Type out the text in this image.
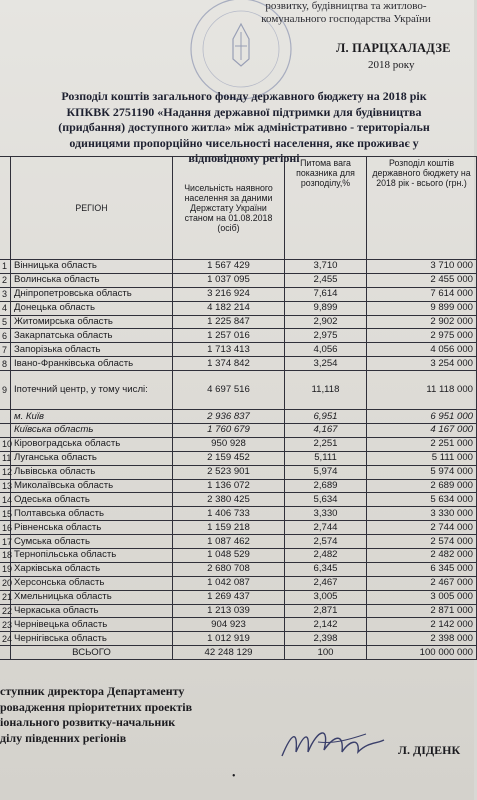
розвитку, будівництва та житлово-
комунального господарства України
Л. ПАРЦХАЛАДЗЕ
2018 року
Розподіл коштів загального фонду державного бюджету на 2018 рік
КПКВК 2751190 «Надання державної підтримки для будівництва
(придбання) доступного житла» між адміністративно - територіальн
одиницями пропорційно чисельності населення, яке проживає у
відповідному регіоні
	РЕГІОН	Чисельність наявного населення за даними Держстату України станом на 01.08.2018 (осіб)	Питома вага показника для розподілу,%	Розподіл коштів державного бюджету на 2018 рік - всього (грн.)
1	Вінницька область	1 567 429	3,710	3 710 000
2	Волинська область	1 037 095	2,455	2 455 000
3	Дніпропетровська область	3 216 924	7,614	7 614 000
4	Донецька область	4 182 214	9,899	9 899 000
5	Житомирська область	1 225 847	2,902	2 902 000
6	Закарпатська область	1 257 016	2,975	2 975 000
7	Запорізька область	1 713 413	4,056	4 056 000
8	Івано-Франківська область	1 374 842	3,254	3 254 000
9	Іпотечний центр, у тому числі:	4 697 516	11,118	11 118 000
	м. Київ	2 936 837	6,951	6 951 000
	Київська область	1 760 679	4,167	4 167 000
10	Кіровоградська область	950 928	2,251	2 251 000
11	Луганська область	2 159 452	5,111	5 111 000
12	Львівська область	2 523 901	5,974	5 974 000
13	Миколаївська область	1 136 072	2,689	2 689 000
14	Одеська область	2 380 425	5,634	5 634 000
15	Полтавська область	1 406 733	3,330	3 330 000
16	Рівненська область	1 159 218	2,744	2 744 000
17	Сумська область	1 087 462	2,574	2 574 000
18	Тернопільська область	1 048 529	2,482	2 482 000
19	Харківська область	2 680 708	6,345	6 345 000
20	Херсонська область	1 042 087	2,467	2 467 000
21	Хмельницька область	1 269 437	3,005	3 005 000
22	Черкаська область	1 213 039	2,871	2 871 000
23	Чернівецька область	904 923	2,142	2 142 000
24	Чернігівська область	1 012 919	2,398	2 398 000
	ВСЬОГО	42 248 129	100	100 000 000
ступник директора Департаменту
ровадження пріоритетних проектів
іонального розвитку-начальник
ділу південних регіонів
Л. ДІДЕНК
•
